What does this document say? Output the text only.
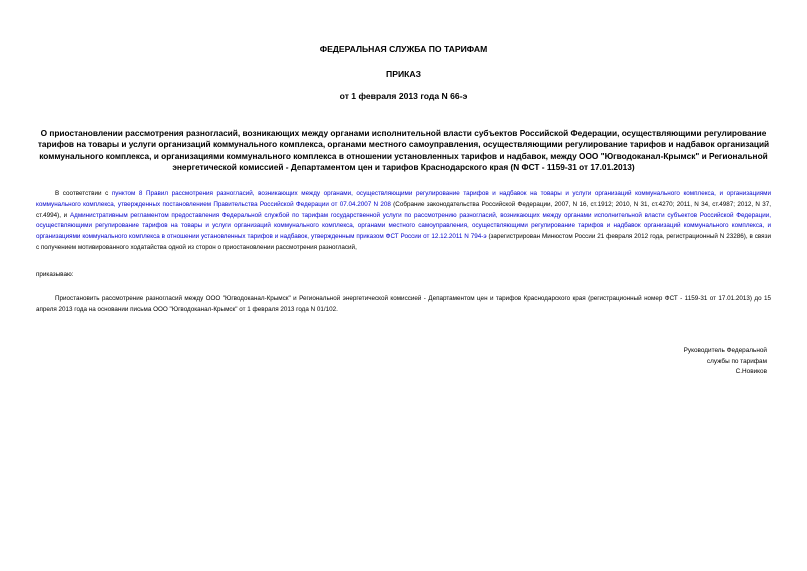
ФЕДЕРАЛЬНАЯ СЛУЖБА ПО ТАРИФАМ
ПРИКАЗ
от 1 февраля 2013 года N 66-э
О приостановлении рассмотрения разногласий, возникающих между органами исполнительной власти субъектов Российской Федерации, осуществляющими регулирование тарифов на товары и услуги организаций коммунального комплекса, органами местного самоуправления, осуществляющими регулирование тарифов и надбавок организаций коммунального комплекса, и организациями коммунального комплекса в отношении установленных тарифов и надбавок, между ООО "Югводоканал-Крымск" и Региональной энергетической комиссией - Департаментом цен и тарифов Краснодарского края (N ФСТ - 1159-31 от 17.01.2013)
В соответствии с пунктом 8 Правил рассмотрения разногласий, возникающих между органами, осуществляющими регулирование тарифов и надбавок на товары и услуги организаций коммунального комплекса, и организациями коммунального комплекса, утвержденных постановлением Правительства Российской Федерации от 07.04.2007 N 208 (Собрание законодательства Российской Федерации, 2007, N 16, ст.1912; 2010, N 31, ст.4270; 2011, N 34, ст.4987; 2012, N 37, ст.4994), и Административным регламентом предоставления Федеральной службой по тарифам государственной услуги по рассмотрению разногласий, возникающих между органами исполнительной власти субъектов Российской Федерации, осуществляющими регулирование тарифов на товары и услуги организаций коммунального комплекса, органами местного самоуправления, осуществляющими регулирование тарифов и надбавок организаций коммунального комплекса, и организациями коммунального комплекса в отношении установленных тарифов и надбавок, утвержденным приказом ФСТ России от 12.12.2011 N 794-э (зарегистрирован Минюстом России 21 февраля 2012 года, регистрационный N 23286), в связи с получением мотивированного ходатайства одной из сторон о приостановлении рассмотрения разногласий,
приказываю:
Приостановить рассмотрение разногласий между ООО "Югводоканал-Крымск" и Региональной энергетической комиссией - Департаментом цен и тарифов Краснодарского края (регистрационный номер ФСТ - 1159-31 от 17.01.2013) до 15 апреля 2013 года на основании письма ООО "Югводоканал-Крымск" от 1 февраля 2013 года N 01/102.
Руководитель Федеральной
службы по тарифам
С.Новиков
